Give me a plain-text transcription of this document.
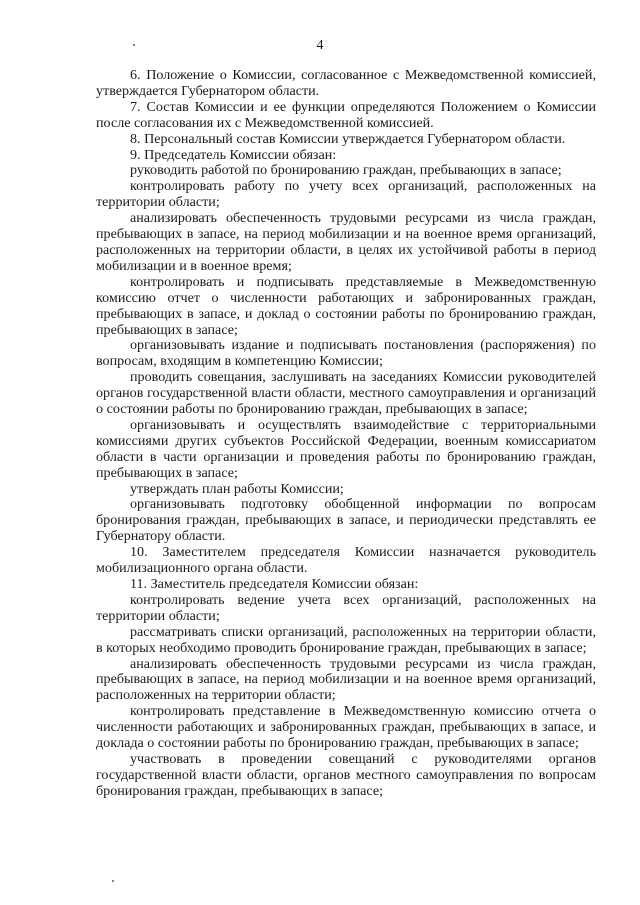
4

6. Положение о Комиссии, согласованное с Межведомственной комиссией, утверждается Губернатором области.

7. Состав Комиссии и ее функции определяются Положением о Комиссии после согласования их с Межведомственной комиссией.

8. Персональный состав Комиссии утверждается Губернатором области.

9. Председатель Комиссии обязан:

руководить работой по бронированию граждан, пребывающих в запасе;

контролировать работу по учету всех организаций, расположенных на территории области;

анализировать обеспеченность трудовыми ресурсами из числа граждан, пребывающих в запасе, на период мобилизации и на военное время организаций, расположенных на территории области, в целях их устойчивой работы в период мобилизации и в военное время;

контролировать и подписывать представляемые в Межведомственную комиссию отчет о численности работающих и забронированных граждан, пребывающих в запасе, и доклад о состоянии работы по бронированию граждан, пребывающих в запасе;

организовывать издание и подписывать постановления (распоряжения) по вопросам, входящим в компетенцию Комиссии;

проводить совещания, заслушивать на заседаниях Комиссии руководителей органов государственной власти области, местного самоуправления и организаций о состоянии работы по бронированию граждан, пребывающих в запасе;

организовывать и осуществлять взаимодействие с территориальными комиссиями других субъектов Российской Федерации, военным комиссариатом области в части организации и проведения работы по бронированию граждан, пребывающих в запасе;

утверждать план работы Комиссии;

организовывать подготовку обобщенной информации по вопросам бронирования граждан, пребывающих в запасе, и периодически представлять ее Губернатору области.

10. Заместителем председателя Комиссии назначается руководитель мобилизационного органа области.

11. Заместитель председателя Комиссии обязан:

контролировать ведение учета всех организаций, расположенных на территории области;

рассматривать списки организаций, расположенных на территории области, в которых необходимо проводить бронирование граждан, пребывающих в запасе;

анализировать обеспеченность трудовыми ресурсами из числа граждан, пребывающих в запасе, на период мобилизации и на военное время организаций, расположенных на территории области;

контролировать представление в Межведомственную комиссию отчета о численности работающих и забронированных граждан, пребывающих в запасе, и доклада о состоянии работы по бронированию граждан, пребывающих в запасе;

участвовать в проведении совещаний с руководителями органов государственной власти области, органов местного самоуправления по вопросам бронирования граждан, пребывающих в запасе;
